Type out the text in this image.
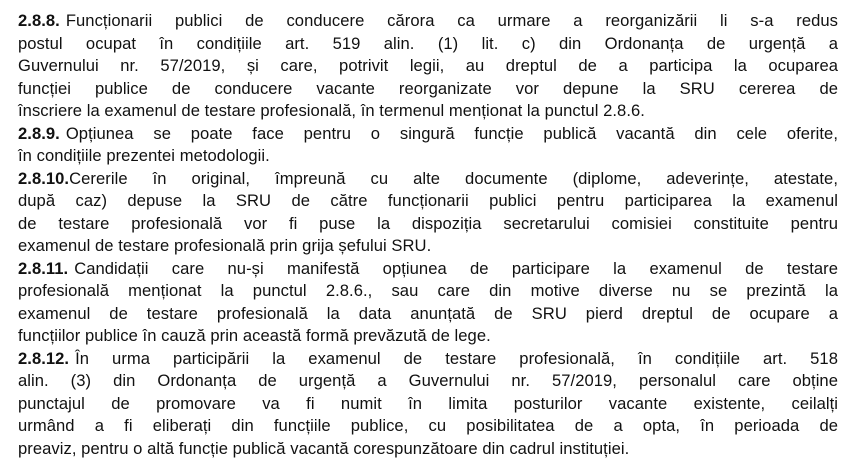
2.8.8. Funcționarii publici de conducere cărora ca urmare a reorganizării li s-a redus
postul ocupat în condițiile art. 519 alin. (1) lit. c) din Ordonanța de urgență a
Guvernului nr. 57/2019, și care, potrivit legii, au dreptul de a participa la ocuparea
funcției publice de conducere vacante reorganizate vor depune la SRU cererea de
înscriere la examenul de testare profesională, în termenul menționat la punctul 2.8.6.
2.8.9. Opțiunea se poate face pentru o singură funcție publică vacantă din cele oferite,
în condițiile prezentei metodologii.
2.8.10.Cererile în original, împreună cu alte documente (diplome, adeverințe, atestate,
după caz) depuse la SRU de către funcționarii publici pentru participarea la examenul
de testare profesională vor fi puse la dispoziția secretarului comisiei constituite pentru
examenul de testare profesională prin grija șefului SRU.
2.8.11. Candidații care nu-și manifestă opțiunea de participare la examenul de testare
profesională menționat la punctul 2.8.6., sau care din motive diverse nu se prezintă la
examenul de testare profesională la data anunțată de SRU pierd dreptul de ocupare a
funcțiilor publice în cauză prin această formă prevăzută de lege.
2.8.12. În urma participării la examenul de testare profesională, în condițiile art. 518
alin. (3) din Ordonanța de urgență a Guvernului nr. 57/2019, personalul care obține
punctajul de promovare va fi numit în limita posturilor vacante existente, ceilalți
urmând a fi eliberați din funcțiile publice, cu posibilitatea de a opta, în perioada de
preaviz, pentru o altă funcție publică vacantă corespunzătoare din cadrul instituției.
